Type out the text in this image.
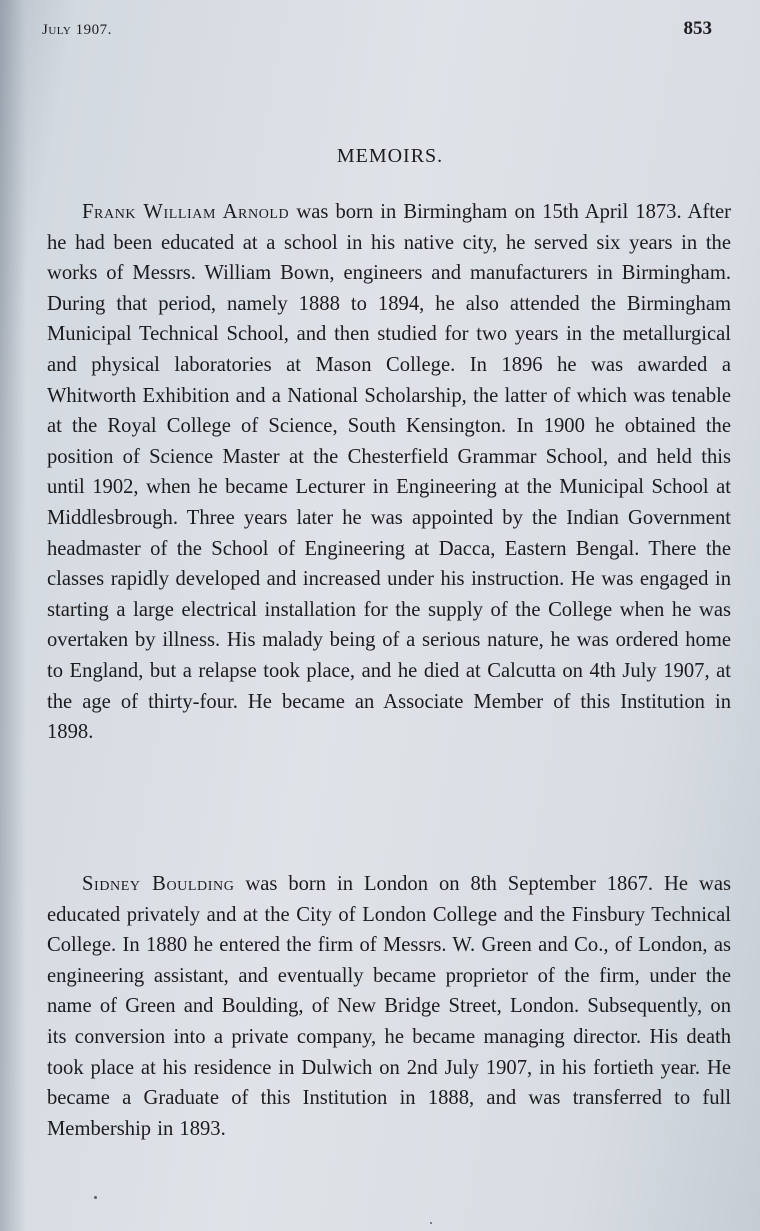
July 1907.	853
MEMOIRS.

Frank William Arnold was born in Birmingham on 15th April 1873. After he had been educated at a school in his native city, he served six years in the works of Messrs. William Bown, engineers and manufacturers in Birmingham. During that period, namely 1888 to 1894, he also attended the Birmingham Municipal Technical School, and then studied for two years in the metallurgical and physical laboratories at Mason College. In 1896 he was awarded a Whitworth Exhibition and a National Scholarship, the latter of which was tenable at the Royal College of Science, South Kensington. In 1900 he obtained the position of Science Master at the Chesterfield Grammar School, and held this until 1902, when he became Lecturer in Engineering at the Municipal School at Middlesbrough. Three years later he was appointed by the Indian Government headmaster of the School of Engineering at Dacca, Eastern Bengal. There the classes rapidly developed and increased under his instruction. He was engaged in starting a large electrical installation for the supply of the College when he was overtaken by illness. His malady being of a serious nature, he was ordered home to England, but a relapse took place, and he died at Calcutta on 4th July 1907, at the age of thirty-four. He became an Associate Member of this Institution in 1898.

Sidney Boulding was born in London on 8th September 1867. He was educated privately and at the City of London College and the Finsbury Technical College. In 1880 he entered the firm of Messrs. W. Green and Co., of London, as engineering assistant, and eventually became proprietor of the firm, under the name of Green and Boulding, of New Bridge Street, London. Subsequently, on its conversion into a private company, he became managing director. His death took place at his residence in Dulwich on 2nd July 1907, in his fortieth year. He became a Graduate of this Institution in 1888, and was transferred to full Membership in 1893.
